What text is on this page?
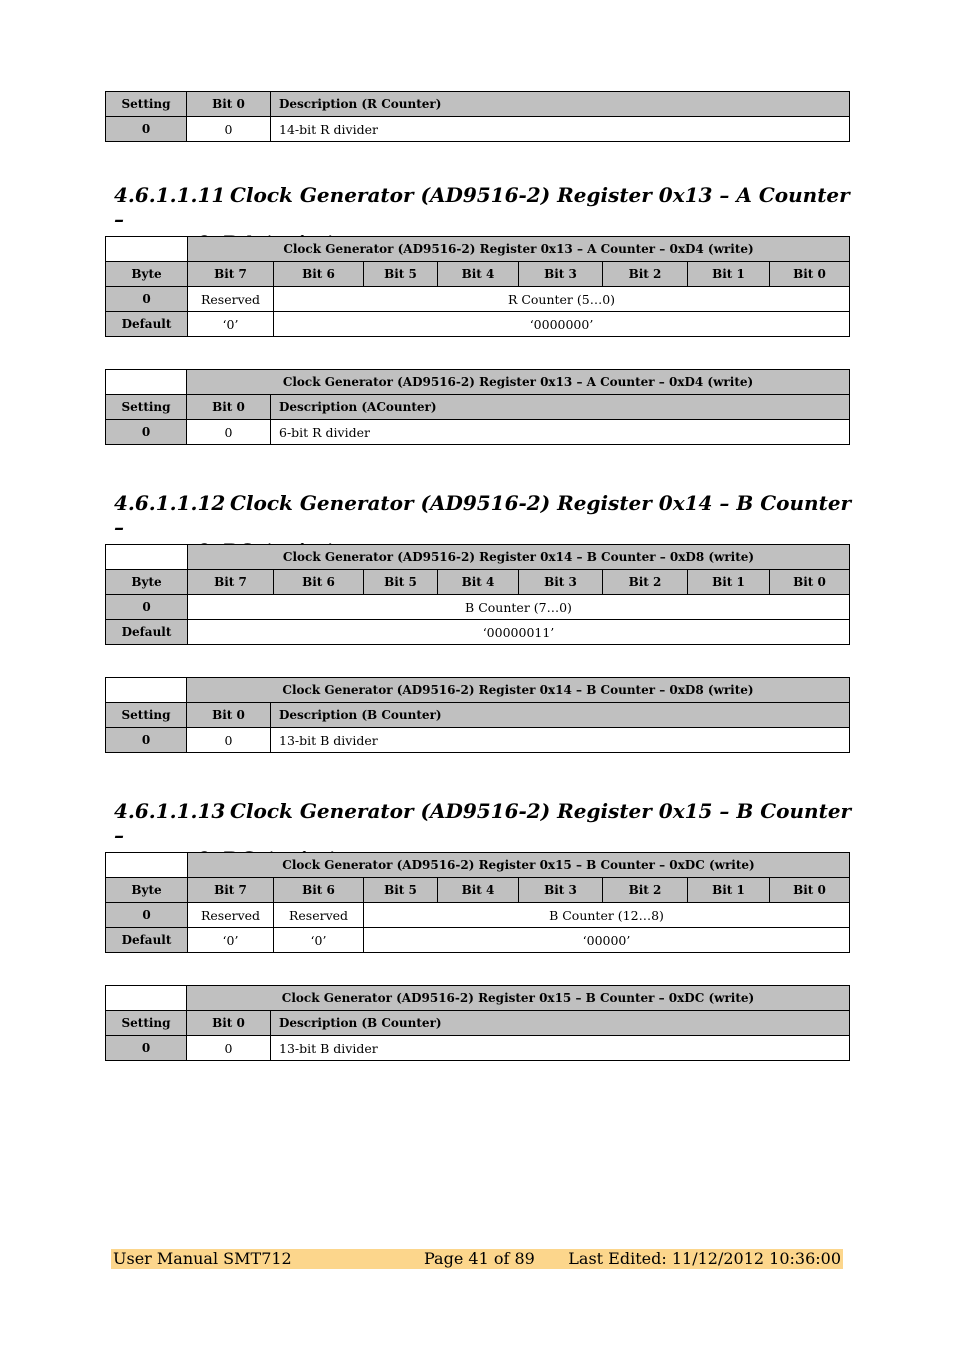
Setting	Bit 0	Description (R Counter)
0	0	14-bit R divider
4.6.1.1.11 Clock Generator (AD9516-2) Register 0x13 – A Counter –
	Clock Generator (AD9516-2) Register 0x13 – A Counter – 0xD4 (write)							
Byte	Bit 7	Bit 6	Bit 5	Bit 4	Bit 3	Bit 2	Bit 1	Bit 0
0	Reserved	R Counter (5…0)						
Default	‘0’	‘0000000’						
	Clock Generator (AD9516-2) Register 0x13 – A Counter – 0xD4 (write)	
Setting	Bit 0	Description (ACounter)
0	0	6-bit R divider
4.6.1.1.12 Clock Generator (AD9516-2) Register 0x14 – B Counter –
	Clock Generator (AD9516-2) Register 0x14 – B Counter – 0xD8 (write)							
Byte	Bit 7	Bit 6	Bit 5	Bit 4	Bit 3	Bit 2	Bit 1	Bit 0
0	B Counter (7…0)							
Default	‘00000011’							
	Clock Generator (AD9516-2) Register 0x14 – B Counter – 0xD8 (write)	
Setting	Bit 0	Description (B Counter)
0	0	13-bit B divider
4.6.1.1.13 Clock Generator (AD9516-2) Register 0x15 – B Counter –
	Clock Generator (AD9516-2) Register 0x15 – B Counter – 0xDC (write)							
Byte	Bit 7	Bit 6	Bit 5	Bit 4	Bit 3	Bit 2	Bit 1	Bit 0
0	Reserved	Reserved	B Counter (12…8)					
Default	‘0’	‘0’	‘00000’					
	Clock Generator (AD9516-2) Register 0x15 – B Counter – 0xDC (write)	
Setting	Bit 0	Description (B Counter)
0	0	13-bit B divider
User Manual SMT712	Page 41 of 89 Last Edited: 11/12/2012 10:36:00
